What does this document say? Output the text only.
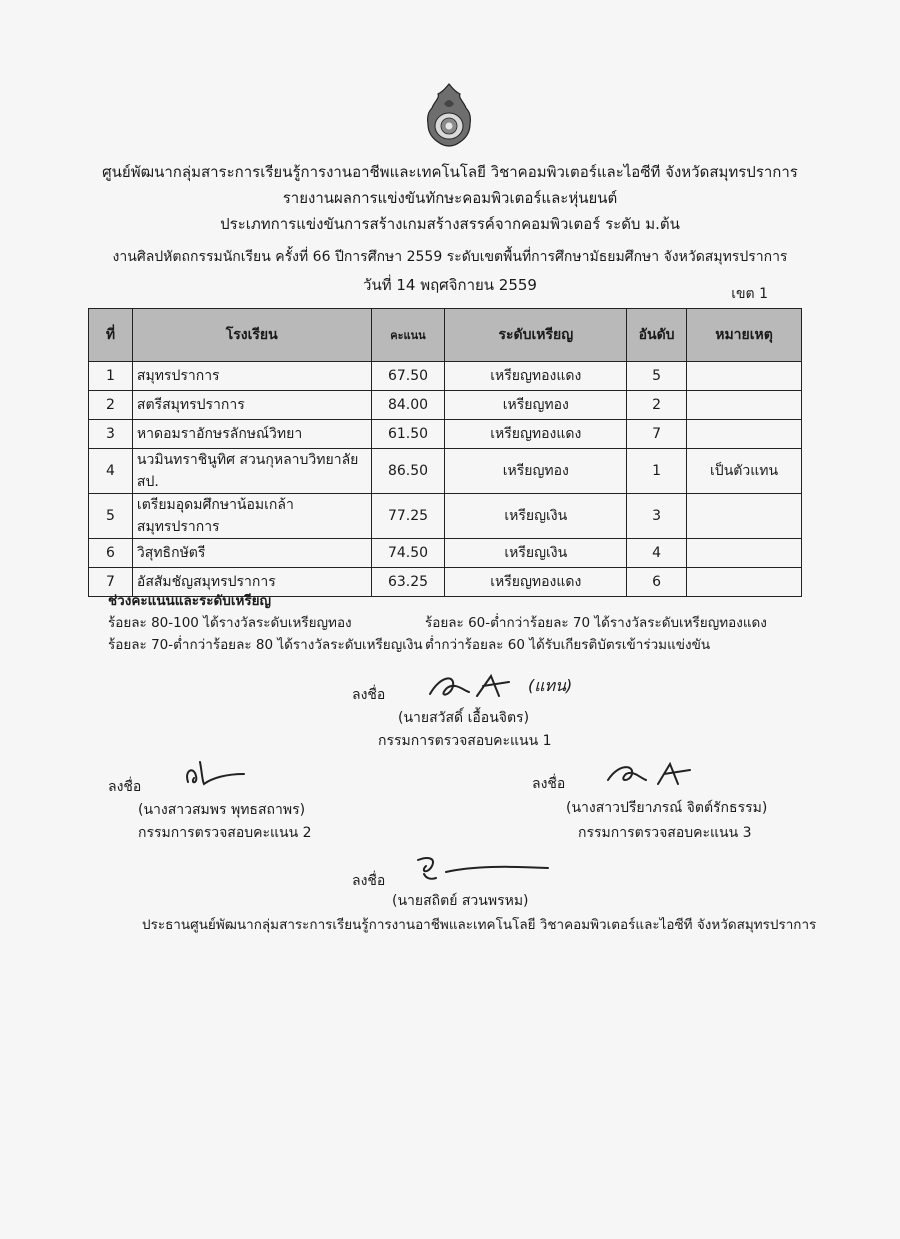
ศูนย์พัฒนากลุ่มสาระการเรียนรู้การงานอาชีพและเทคโนโลยี วิชาคอมพิวเตอร์และไอซีที จังหวัดสมุทรปราการ
รายงานผลการแข่งขันทักษะคอมพิวเตอร์และหุ่นยนต์
ประเภทการแข่งขันการสร้างเกมสร้างสรรค์จากคอมพิวเตอร์ ระดับ ม.ต้น
งานศิลปหัตถกรรมนักเรียน ครั้งที่ 66 ปีการศึกษา 2559 ระดับเขตพื้นที่การศึกษามัธยมศึกษา จังหวัดสมุทรปราการ
วันที่ 14 พฤศจิกายน 2559	เขต 1
ที่	โรงเรียน	คะแนน	ระดับเหรียญ	อันดับ	หมายเหตุ
1	สมุทรปราการ	67.50	เหรียญทองแดง	5	
2	สตรีสมุทรปราการ	84.00	เหรียญทอง	2	
3	หาดอมราอักษรลักษณ์วิทยา	61.50	เหรียญทองแดง	7	
4	นวมินทราชินูทิศ สวนกุหลาบวิทยาลัย สป.	86.50	เหรียญทอง	1	เป็นตัวแทน
5	เตรียมอุดมศึกษาน้อมเกล้า สมุทรปราการ	77.25	เหรียญเงิน	3	
6	วิสุทธิกษัตรี	74.50	เหรียญเงิน	4	
7	อัสสัมชัญสมุทรปราการ	63.25	เหรียญทองแดง	6	
ช่วงคะแนนและระดับเหรียญ
ร้อยละ 80-100 ได้รางวัลระดับเหรียญทอง
ร้อยละ 70-ต่ำกว่าร้อยละ 80 ได้รางวัลระดับเหรียญเงิน
ร้อยละ 60-ต่ำกว่าร้อยละ 70 ได้รางวัลระดับเหรียญทองแดง
ต่ำกว่าร้อยละ 60 ได้รับเกียรติบัตรเข้าร่วมแข่งขัน
ลงชื่อ	(แทน)
(นายสวัสดิ์ เอื้อนจิตร)
กรรมการตรวจสอบคะแนน 1
ลงชื่อ
(นางสาวสมพร พุทธสถาพร)
กรรมการตรวจสอบคะแนน 2
ลงชื่อ
(นางสาวปรียาภรณ์ จิตต์รักธรรม)
กรรมการตรวจสอบคะแนน 3
ลงชื่อ
(นายสถิตย์ สวนพรหม)
ประธานศูนย์พัฒนากลุ่มสาระการเรียนรู้การงานอาชีพและเทคโนโลยี วิชาคอมพิวเตอร์และไอซีที จังหวัดสมุทรปราการ
